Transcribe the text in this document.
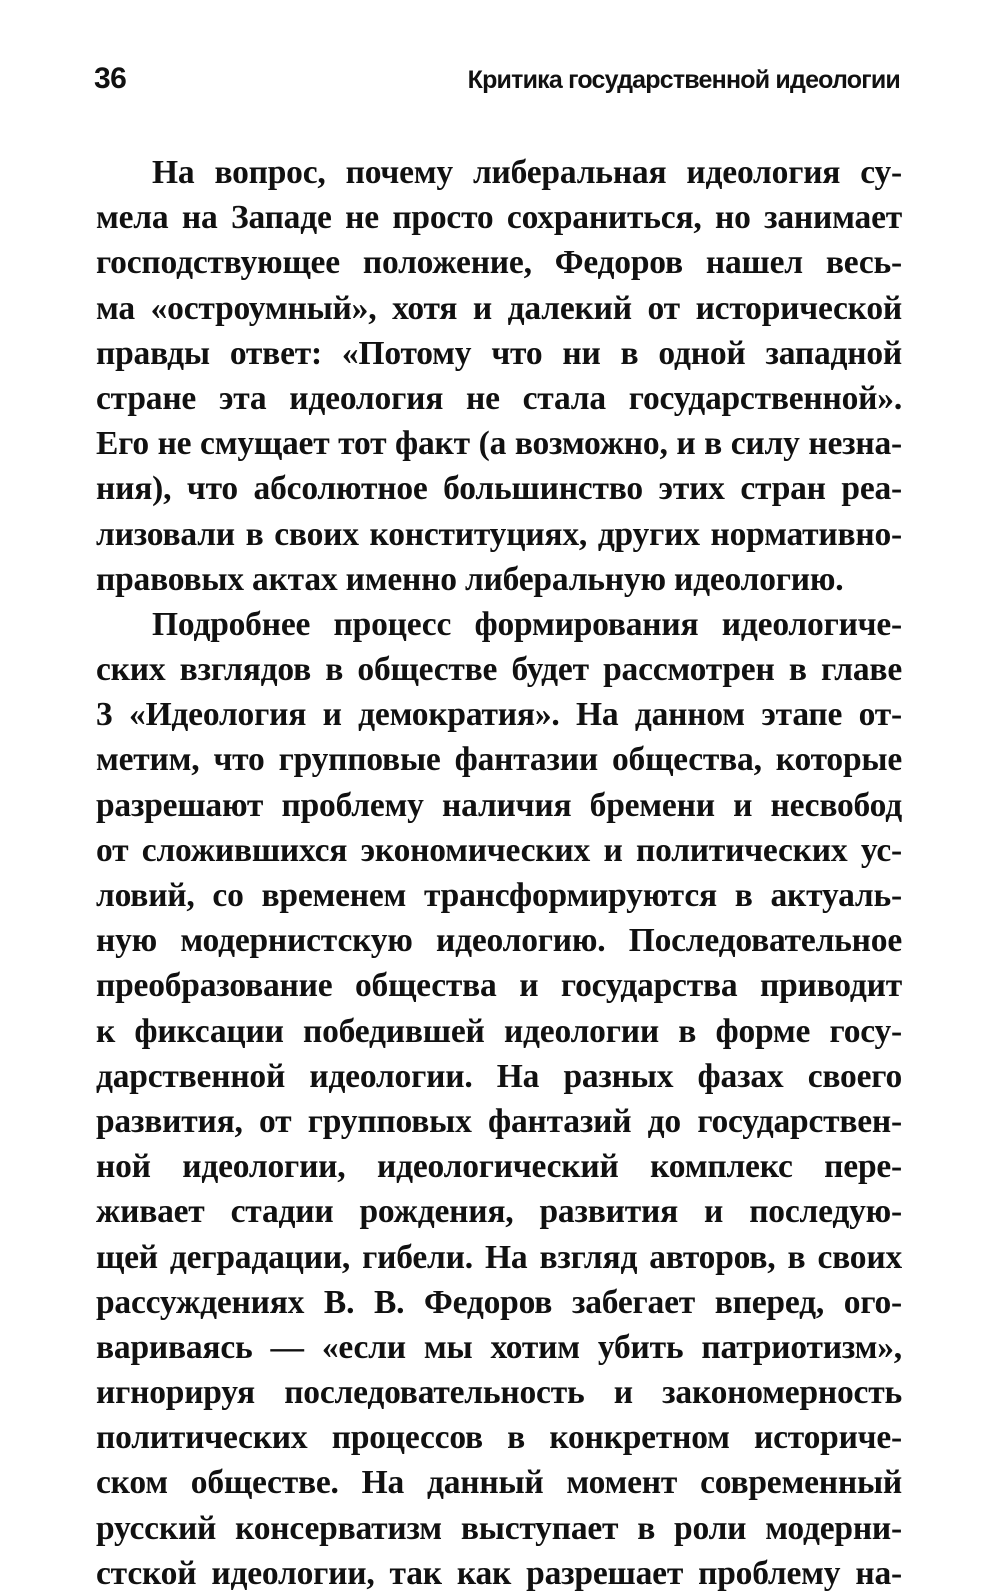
36	Критика государственной идеологии
На вопрос, почему либеральная идеология су-
мела на Западе не просто сохраниться, но занимает
господствующее положение, Федоров нашел весь-
ма «остроумный», хотя и далекий от исторической
правды ответ: «Потому что ни в одной западной
стране эта идеология не стала государственной».
Его не смущает тот факт (а возможно, и в силу незна-
ния), что абсолютное большинство этих стран реа-
лизовали в своих конституциях, других нормативно-
правовых актах именно либеральную идеологию.
Подробнее процесс формирования идеологиче-
ских взглядов в обществе будет рассмотрен в главе
3 «Идеология и демократия». На данном этапе от-
метим, что групповые фантазии общества, которые
разрешают проблему наличия бремени и несвобод
от сложившихся экономических и политических ус-
ловий, со временем трансформируются в актуаль-
ную модернистскую идеологию. Последовательное
преобразование общества и государства приводит
к фиксации победившей идеологии в форме госу-
дарственной идеологии. На разных фазах своего
развития, от групповых фантазий до государствен-
ной идеологии, идеологический комплекс пере-
живает стадии рождения, развития и последую-
щей деградации, гибели. На взгляд авторов, в своих
рассуждениях В. В. Федоров забегает вперед, ого-
вариваясь — «если мы хотим убить патриотизм»,
игнорируя последовательность и закономерность
политических процессов в конкретном историче-
ском обществе. На данный момент современный
русский консерватизм выступает в роли модерни-
стской идеологии, так как разрешает проблему на-
